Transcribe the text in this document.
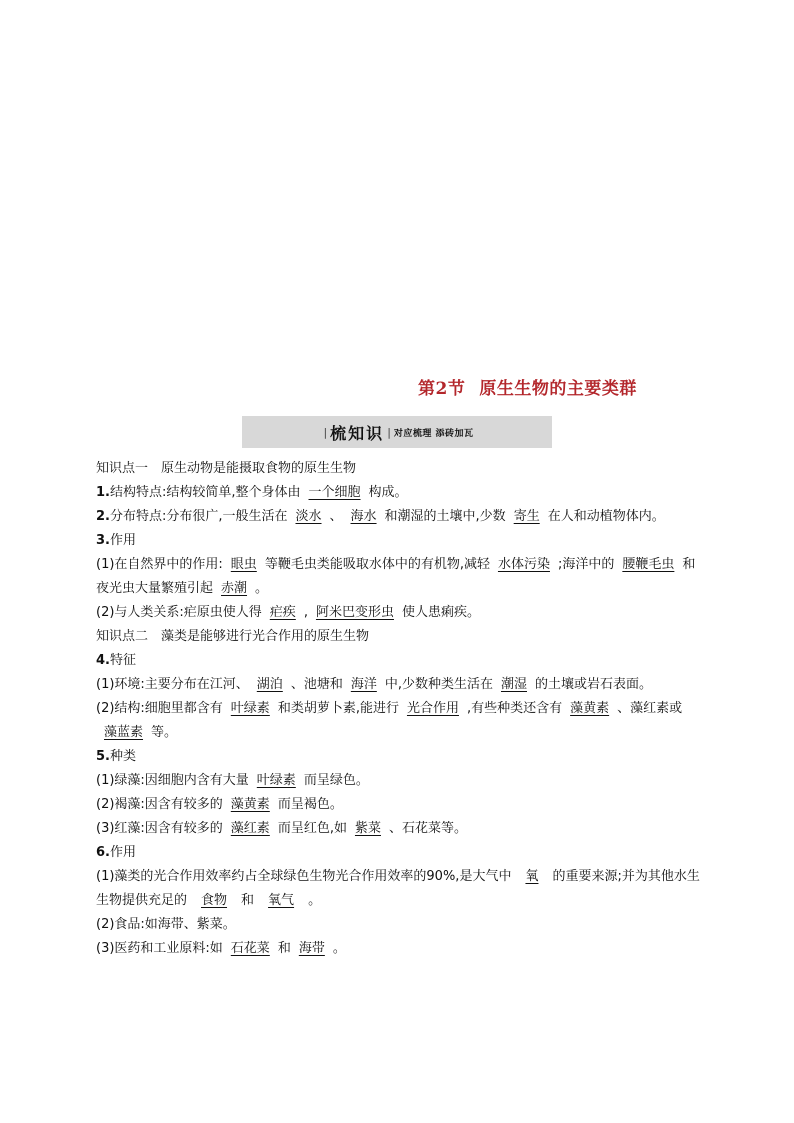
第2节 原生生物的主要类群
| 梳知识 | 对应梳理 添砖加瓦

知识点一　原生动物是能摄取食物的原生生物

1.结构特点:结构较简单,整个身体由 一个细胞 构成。

2.分布特点:分布很广,一般生活在 淡水 、 海水 和潮湿的土壤中,少数 寄生 在人和动植物体内。

3.作用

(1)在自然界中的作用: 眼虫 等鞭毛虫类能吸取水体中的有机物,减轻 水体污染 ;海洋中的 腰鞭毛虫 和夜光虫大量繁殖引起 赤潮 。

(2)与人类关系:疟原虫使人得 疟疾 , 阿米巴变形虫 使人患痢疾。

知识点二　藻类是能够进行光合作用的原生生物

4.特征

(1)环境:主要分布在江河、 湖泊 、池塘和 海洋 中,少数种类生活在 潮湿 的土壤或岩石表面。

(2)结构:细胞里都含有 叶绿素 和类胡萝卜素,能进行 光合作用 ,有些种类还含有 藻黄素 、藻红素或藻蓝素 等。

5.种类

(1)绿藻:因细胞内含有大量 叶绿素 而呈绿色。

(2)褐藻:因含有较多的 藻黄素 而呈褐色。

(3)红藻:因含有较多的 藻红素 而呈红色,如 紫菜 、石花菜等。

6.作用

(1)藻类的光合作用效率约占全球绿色生物光合作用效率的90%,是大气中 氧 的重要来源;并为其他水生生物提供充足的 食物 和 氧气 。

(2)食品:如海带、紫菜。

(3)医药和工业原料:如 石花菜 和 海带 。
